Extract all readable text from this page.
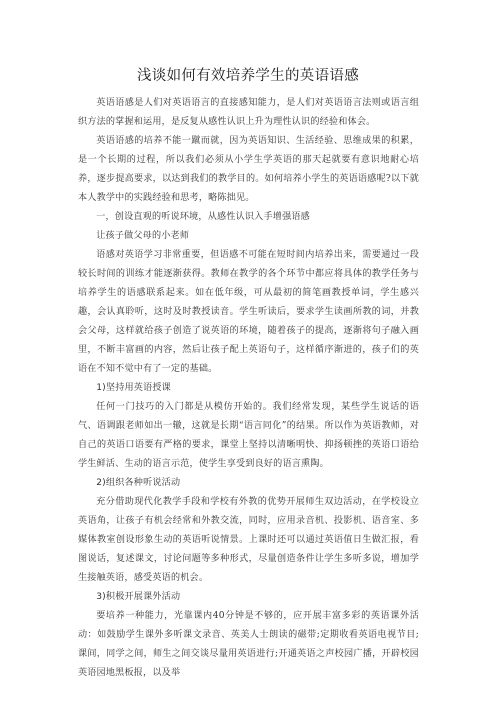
浅谈如何有效培养学生的英语语感

英语语感是人们对英语语言的直接感知能力，是人们对英语语言法则或语言组织方法的掌握和运用，是反复从感性认识上升为理性认识的经验和体会。

英语语感的培养不能一蹴而就，因为英语知识、生活经验、思维成果的积累，是一个长期的过程，所以我们必须从小学生学英语的那天起就要有意识地耐心培养，逐步提高要求，以达到我们的教学目的。如何培养小学生的英语语感呢?以下就本人教学中的实践经验和思考，略陈拙见。

一，创设直观的听说环境，从感性认识入手增强语感

让孩子做父母的小老师

语感对英语学习非常重要，但语感不可能在短时间内培养出来，需要通过一段较长时间的训练才能逐渐获得。教师在教学的各个环节中都应将具体的教学任务与培养学生的语感联系起来。如在低年级，可从最初的简笔画教授单词，学生感兴趣，会认真聆听，这时及时教授读音。学生听读后，要求学生读画所教的词，并教会父母，这样就给孩子创造了说英语的环境，随着孩子的提高，逐渐将句子融入画里，不断丰富画的内容，然后让孩子配上英语句子，这样循序渐进的，孩子们的英语在不知不觉中有了一定的基础。

1)坚持用英语授课

任何一门技巧的入门都是从模仿开始的。我们经常发现，某些学生说话的语气、语调跟老师如出一辙，这就是长期“语言同化”的结果。所以作为英语教师，对自己的英语口语要有严格的要求，课堂上坚持以清晰明快、抑扬顿挫的英语口语给学生鲜活、生动的语言示范，使学生享受到良好的语言熏陶。

2)组织各种听说活动

充分借助现代化教学手段和学校有外教的优势开展师生双边活动，在学校设立英语角，让孩子有机会经常和外教交流，同时，应用录音机、投影机、语音室、多媒体教室创设形象生动的英语听说情景。上课时还可以通过英语值日生做汇报，看图说话，复述课文，讨论问题等多种形式，尽量创造条件让学生多听多说，增加学生接触英语，感受英语的机会。

3)积极开展课外活动

要培养一种能力，光靠课内40分钟是不够的，应开展丰富多彩的英语课外活动：如鼓励学生课外多听课文录音、英美人士朗读的磁带;定期收看英语电视节目;课间，同学之间，师生之间交谈尽量用英语进行;开通英语之声校园广播，开辟校园英语园地黑板报，以及举
